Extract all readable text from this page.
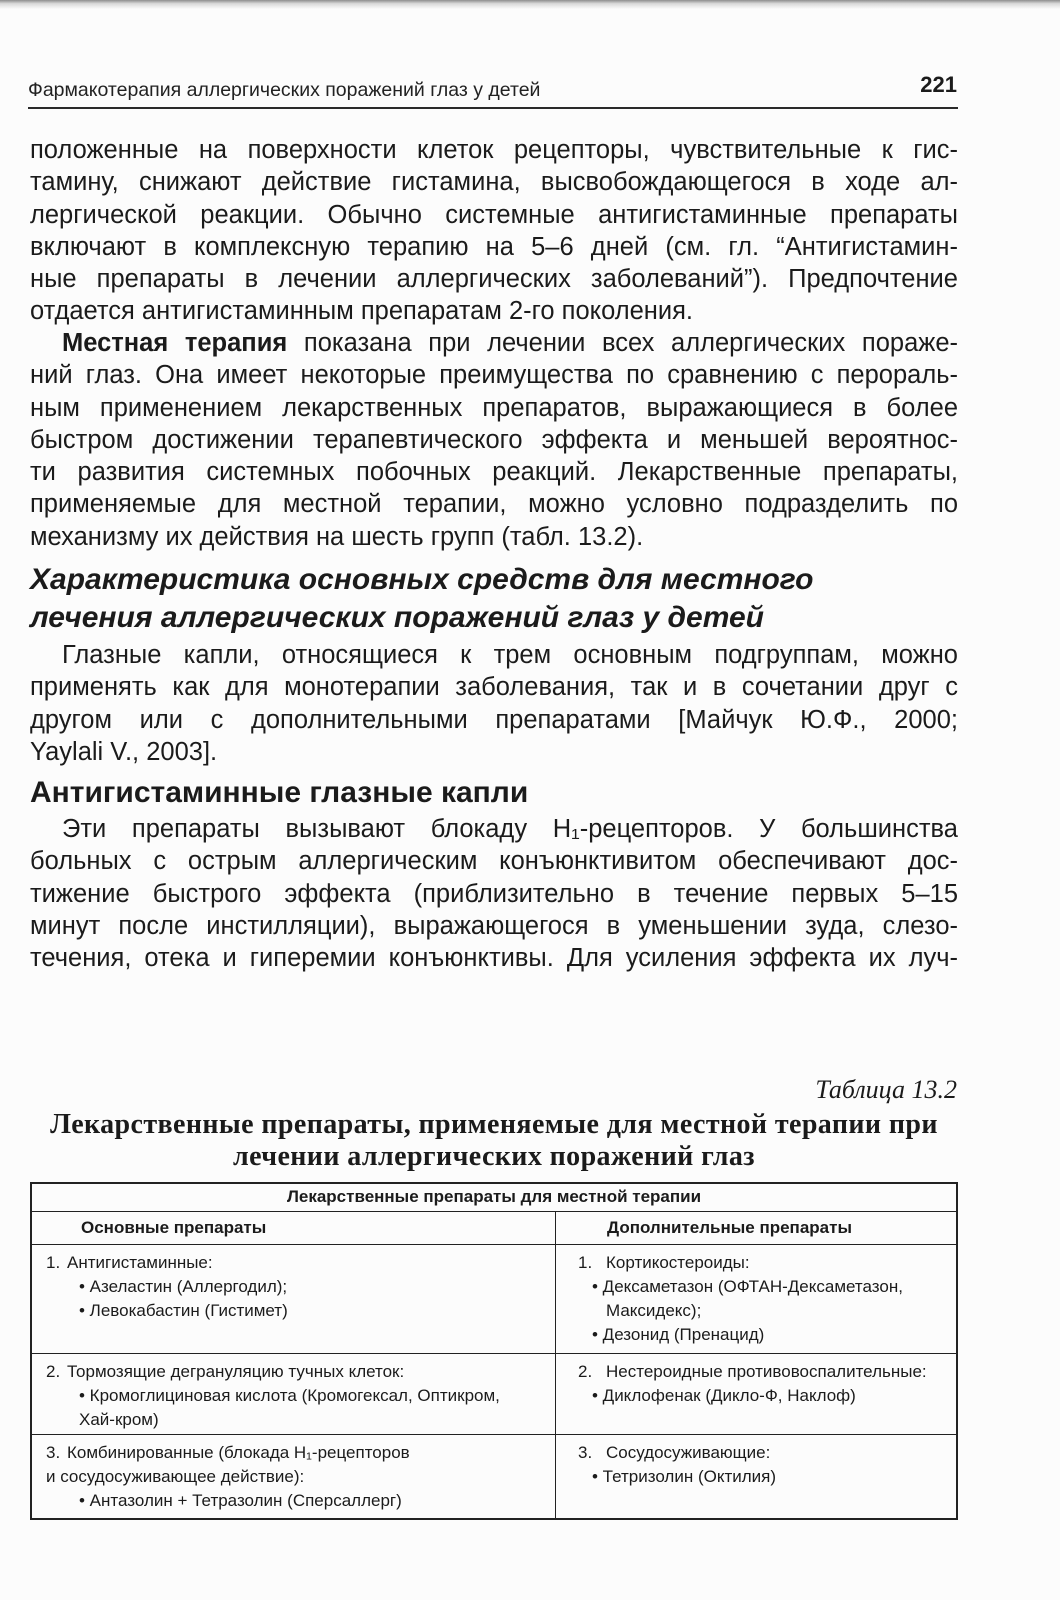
Фармакотерапия аллергических поражений глаз у детей	221
положенные на поверхности клеток рецепторы, чувствительные к гис-
тамину, снижают действие гистамина, высвобождающегося в ходе ал-
лергической реакции. Обычно системные антигистаминные препараты
включают в комплексную терапию на 5–6 дней (см. гл. “Антигистамин-
ные препараты в лечении аллергических заболеваний”). Предпочтение
отдается антигистаминным препаратам 2-го поколения.
Местная терапия показана при лечении всех аллергических пораже-
ний глаз. Она имеет некоторые преимущества по сравнению с перораль-
ным применением лекарственных препаратов, выражающиеся в более
быстром достижении терапевтического эффекта и меньшей вероятнос-
ти развития системных побочных реакций. Лекарственные препараты,
применяемые для местной терапии, можно условно подразделить по
механизму их действия на шесть групп (табл. 13.2).
Характеристика основных средств для местного
лечения аллергических поражений глаз у детей
Глазные капли, относящиеся к трем основным подгруппам, можно
применять как для монотерапии заболевания, так и в сочетании друг с
другом или с дополнительными препаратами [Майчук Ю.Ф., 2000;
Yaylali V., 2003].
Антигистаминные глазные капли
Эти препараты вызывают блокаду Н₁-рецепторов. У большинства
больных с острым аллергическим конъюнктивитом обеспечивают дос-
тижение быстрого эффекта (приблизительно в течение первых 5–15
минут после инстилляции), выражающегося в уменьшении зуда, слезо-
течения, отека и гиперемии конъюнктивы. Для усиления эффекта их луч-
Таблица 13.2
Лекарственные препараты, применяемые для местной терапии при
лечении аллергических поражений глаз
Лекарственные препараты для местной терапии
Основные препараты	Дополнительные препараты
1. Антигистаминные:
• Азеластин (Аллергодил);
• Левокабастин (Гистимет)
1. Кортикостероиды:
• Дексаметазон (ОФТАН-Дексаметазон,
Максидекс);
• Дезонид (Пренацид)
2. Тормозящие дегрануляцию тучных клеток:
• Кромоглициновая кислота (Кромогексал, Оптикром,
Хай-кром)
2. Нестероидные противовоспалительные:
• Диклофенак (Дикло-Ф, Наклоф)
3. Комбинированные (блокада Н₁-рецепторов
и сосудосуживающее действие):
• Антазолин + Тетразолин (Сперсаллерг)
3. Сосудосуживающие:
• Тетризолин (Октилия)
